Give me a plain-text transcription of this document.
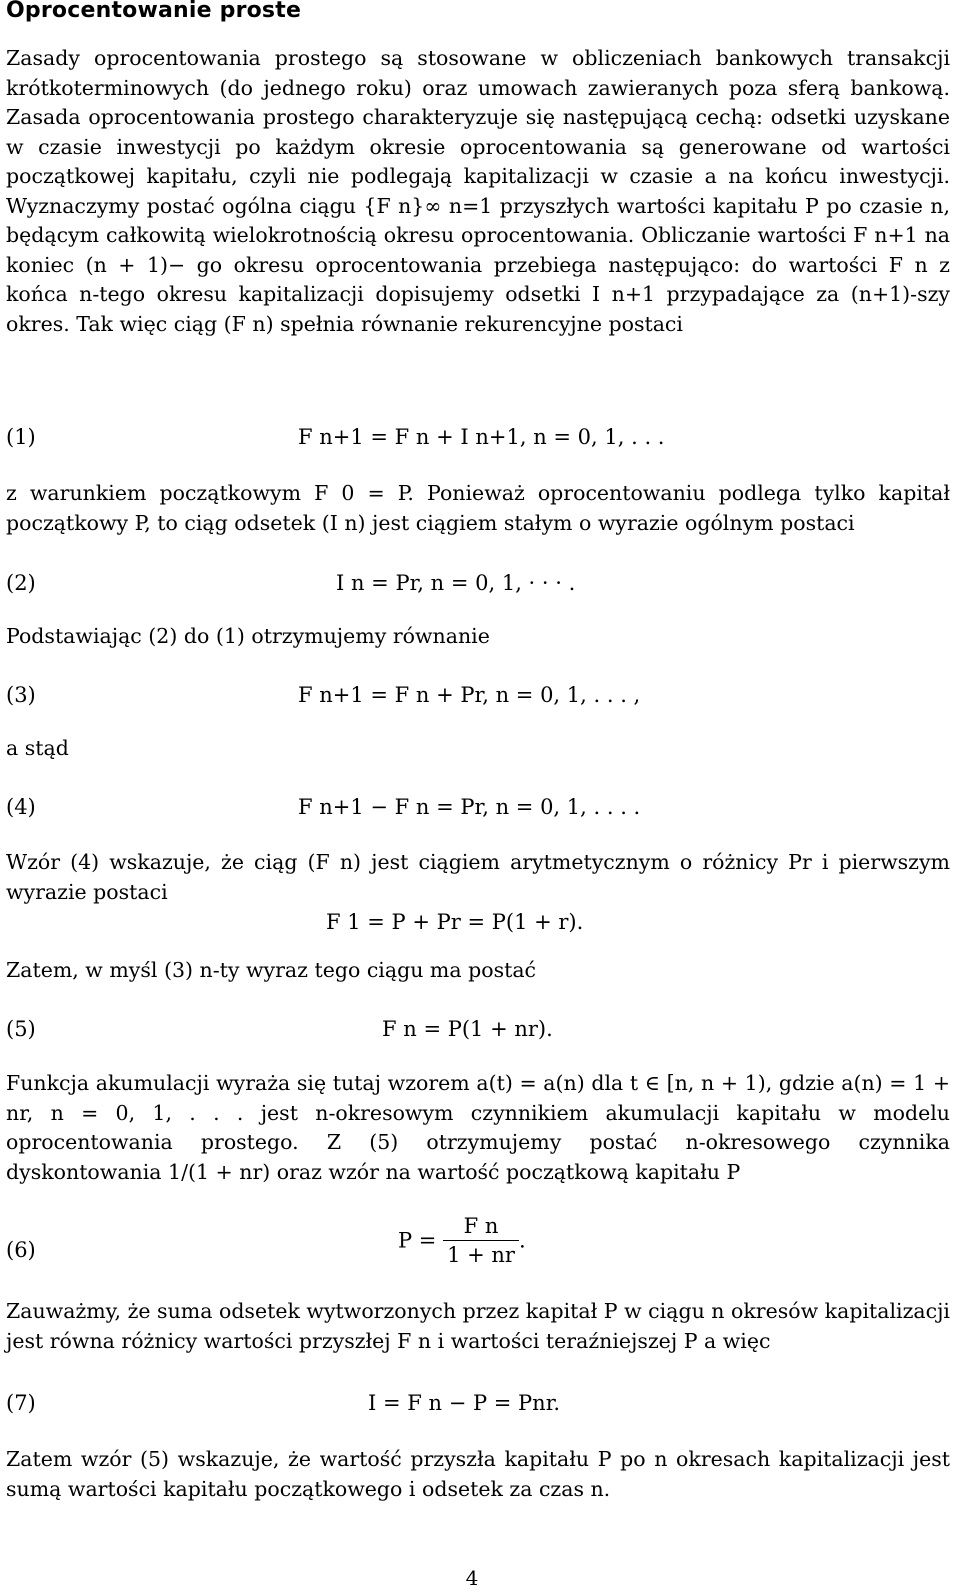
Oprocentowanie proste

Zasady oprocentowania prostego są stosowane w obliczeniach bankowych transakcji krótkoterminowych (do jednego roku) oraz umowach zawieranych poza sferą bankową. Zasada oprocentowania prostego charakteryzuje się następującą cechą: odsetki uzyskane w czasie inwestycji po każdym okresie oprocentowania są generowane od wartości początkowej kapitału, czyli nie podlegają kapitalizacji w czasie a na końcu inwestycji. Wyznaczymy postać ogólna ciągu {F n}∞ n=1 przyszłych wartości kapitału P po czasie n, będącym całkowitą wielokrotnością okresu oprocentowania. Obliczanie wartości F n+1 na koniec (n + 1)− go okresu oprocentowania przebiega następująco: do wartości F n z końca n-tego okresu kapitalizacji dopisujemy odsetki I n+1 przypadające za (n+1)-szy okres. Tak więc ciąg (F n) spełnia równanie rekurencyjne postaci

(1)	F n+1 = F n + I n+1, n = 0, 1, . . .

z warunkiem początkowym F 0 = P. Ponieważ oprocentowaniu podlega tylko kapitał początkowy P, to ciąg odsetek (I n) jest ciągiem stałym o wyrazie ogólnym postaci

(2)	I n = Pr, n = 0, 1, · · · .

Podstawiając (2) do (1) otrzymujemy równanie

(3)	F n+1 = F n + Pr, n = 0, 1, . . . ,

a stąd

(4)	F n+1 − F n = Pr, n = 0, 1, . . . .

Wzór (4) wskazuje, że ciąg (F n) jest ciągiem arytmetycznym o różnicy Pr i pierwszym wyrazie postaci

F 1 = P + Pr = P(1 + r).

Zatem, w myśl (3) n-ty wyraz tego ciągu ma postać

(5)	F n = P(1 + nr).

Funkcja akumulacji wyraża się tutaj wzorem a(t) = a(n) dla t ∈ [n, n + 1), gdzie a(n) = 1 + nr, n = 0, 1, . . . jest n-okresowym czynnikiem akumulacji kapitału w modelu oprocentowania prostego. Z (5) otrzymujemy postać n-okresowego czynnika dyskontowania 1/(1 + nr) oraz wzór na wartość początkową kapitału P

(6)	$P = \frac{\text{F n}}{1 + nr}$ .

Zauważmy, że suma odsetek wytworzonych przez kapitał P w ciągu n okresów kapitalizacji jest równa różnicy wartości przyszłej F n i wartości teraźniejszej P a więc

(7)	I = F n − P = Pnr.

Zatem wzór (5) wskazuje, że wartość przyszła kapitału P po n okresach kapitalizacji jest sumą wartości kapitału początkowego i odsetek za czas n.

4
